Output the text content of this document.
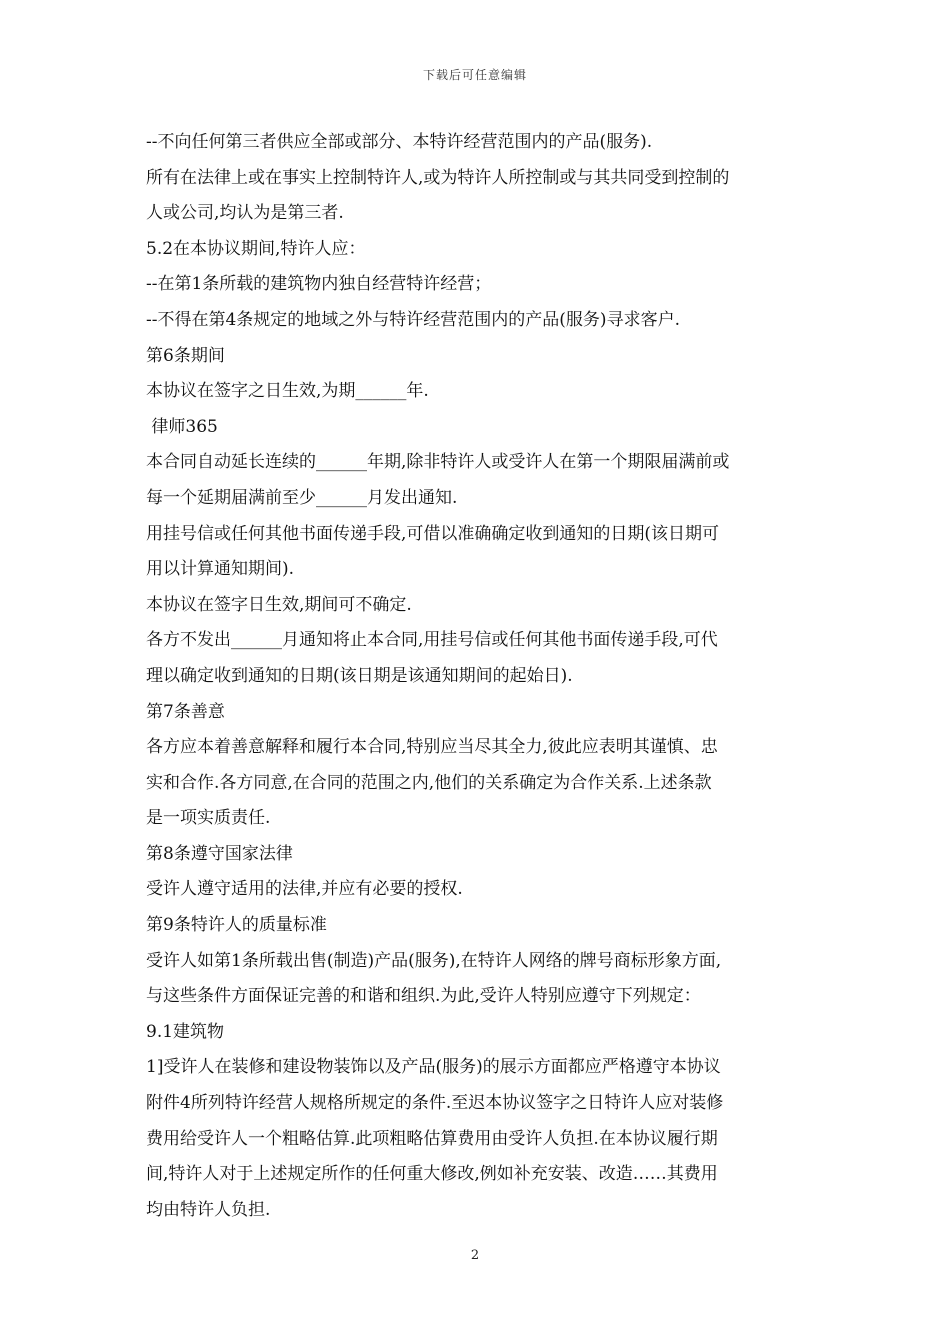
下载后可任意编辑
--不向任何第三者供应全部或部分、本特许经营范围内的产品(服务).
所有在法律上或在事实上控制特许人,或为特许人所控制或与其共同受到控制的
人或公司,均认为是第三者.
5.2在本协议期间,特许人应：
--在第1条所载的建筑物内独自经营特许经营；
--不得在第4条规定的地域之外与特许经营范围内的产品(服务)寻求客户.
第6条期间
本协议在签字之日生效,为期______年.
律师365
本合同自动延长连续的______年期,除非特许人或受许人在第一个期限届满前或
每一个延期届满前至少______月发出通知.
用挂号信或任何其他书面传递手段,可借以准确确定收到通知的日期(该日期可
用以计算通知期间).
本协议在签字日生效,期间可不确定.
各方不发出______月通知将止本合同,用挂号信或任何其他书面传递手段,可代
理以确定收到通知的日期(该日期是该通知期间的起始日).
第7条善意
各方应本着善意解释和履行本合同,特别应当尽其全力,彼此应表明其谨慎、忠
实和合作.各方同意,在合同的范围之内,他们的关系确定为合作关系.上述条款
是一项实质责任.
第8条遵守国家法律
受许人遵守适用的法律,并应有必要的授权.
第9条特许人的质量标准
受许人如第1条所载出售(制造)产品(服务),在特许人网络的牌号商标形象方面,
与这些条件方面保证完善的和谐和组织.为此,受许人特别应遵守下列规定：
9.1建筑物
1]受许人在装修和建设物装饰以及产品(服务)的展示方面都应严格遵守本协议
附件4所列特许经营人规格所规定的条件.至迟本协议签字之日特许人应对装修
费用给受许人一个粗略估算.此项粗略估算费用由受许人负担.在本协议履行期
间,特许人对于上述规定所作的任何重大修改,例如补充安装、改造……其费用
均由特许人负担.
2
